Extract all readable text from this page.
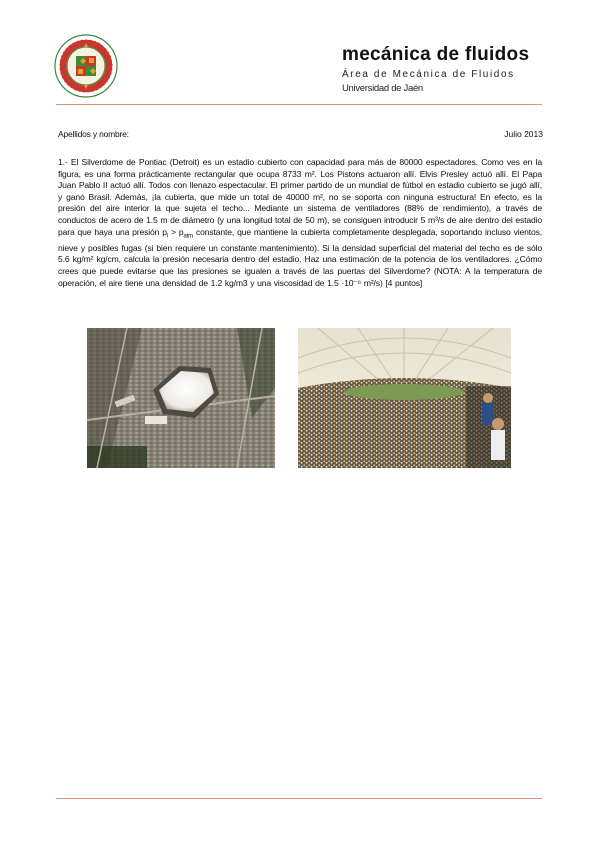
mecánica de fluidos
Área de Mecánica de Fluidos
Universidad de Jaén
Apellidos y nombre:	Julio 2013
1.- El Silverdome de Pontiac (Detroit) es un estadio cubierto con capacidad para más de 80000 espectadores. Como ves en la figura, es una forma prácticamente rectangular que ocupa 8733 m². Los Pistons actuaron allí. Elvis Presley actuó allí. El Papa Juan Pablo II actuó allí. Todos con llenazo espectacular. El primer partido de un mundial de fútbol en estadio cubierto se jugó allí, y ganó Brasil. Además, ¡la cubierta, que mide un total de 40000 m², no se soporta con ninguna estructura! En efecto, es la presión del aire interior la que sujeta el techo... Mediante un sistema de ventiladores (88% de rendimiento), a través de conductos de acero de 1.5 m de diámetro (y una longitud total de 50 m), se consiguen introducir 5 m³/s de aire dentro del estadio para que haya una presión $p_i > p_{atm}$ constante, que mantiene la cubierta completamente desplegada, soportando incluso vientos, nieve y posibles fugas (si bien requiere un constante mantenimiento). Si la densidad superficial del material del techo es de sólo 5.6 kg/m² kg/cm, calcula la presión necesaria dentro del estadio. Haz una estimación de la potencia de los ventiladores. ¿Cómo crees que puede evitarse que las presiones se igualen a través de las puertas del Silverdome? (NOTA: A la temperatura de operación, el aire tiene una densidad de 1.2 kg/m3 y una viscosidad de 1.5 ·10⁻⁶ m²/s) [4 puntos]
